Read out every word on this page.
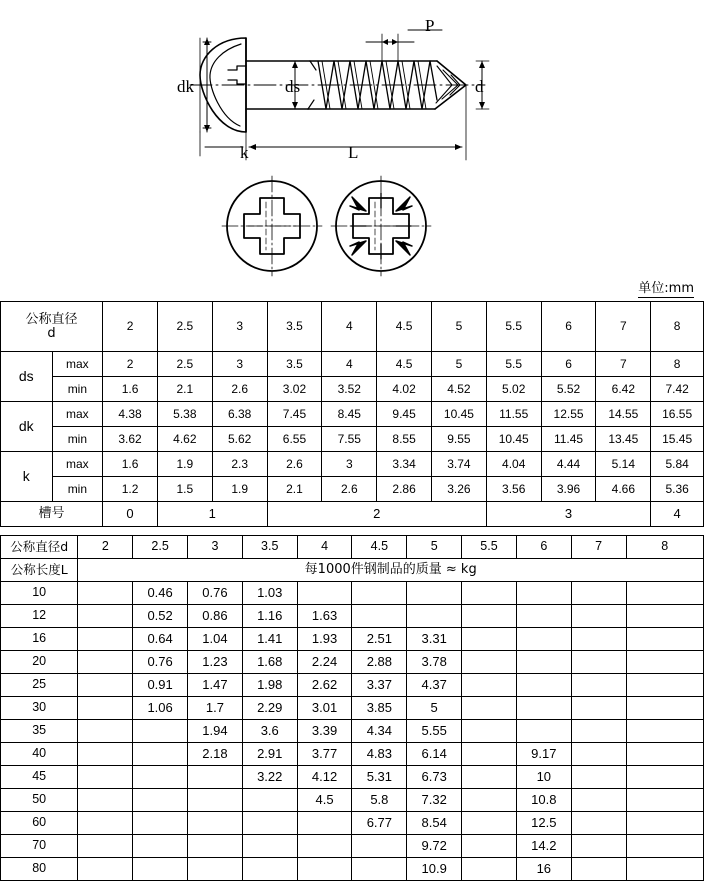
dk	ds
P
d
k	L
单位:mm
公称直径
d		2	2.5	3	3.5	4	4.5	5	5.5	6	7	8
ds	max	2	2.5	3	3.5	4	4.5	5	5.5	6	7	8
	min	1.6	2.1	2.6	3.02	3.52	4.02	4.52	5.02	5.52	6.42	7.42
dk	max	4.38	5.38	6.38	7.45	8.45	9.45	10.45	11.55	12.55	14.55	16.55
	min	3.62	4.62	5.62	6.55	7.55	8.55	9.55	10.45	11.45	13.45	15.45
k	max	1.6	1.9	2.3	2.6	3	3.34	3.74	4.04	4.44	5.14	5.84
	min	1.2	1.5	1.9	2.1	2.6	2.86	3.26	3.56	3.96	4.66	5.36
槽号		0	1		2				3			4
公称直径d	2	2.5	3	3.5	4	4.5	5	5.5	6	7	8
公称长度L	每1000件钢制品的质量 ≈ kg										
10		0.46	0.76	1.03							
12		0.52	0.86	1.16	1.63						
16		0.64	1.04	1.41	1.93	2.51	3.31				
20		0.76	1.23	1.68	2.24	2.88	3.78				
25		0.91	1.47	1.98	2.62	3.37	4.37				
30		1.06	1.7	2.29	3.01	3.85	5				
35			1.94	3.6	3.39	4.34	5.55				
40			2.18	2.91	3.77	4.83	6.14		9.17		
45				3.22	4.12	5.31	6.73		10		
50					4.5	5.8	7.32		10.8		
60						6.77	8.54		12.5		
70							9.72		14.2		
80							10.9		16		
